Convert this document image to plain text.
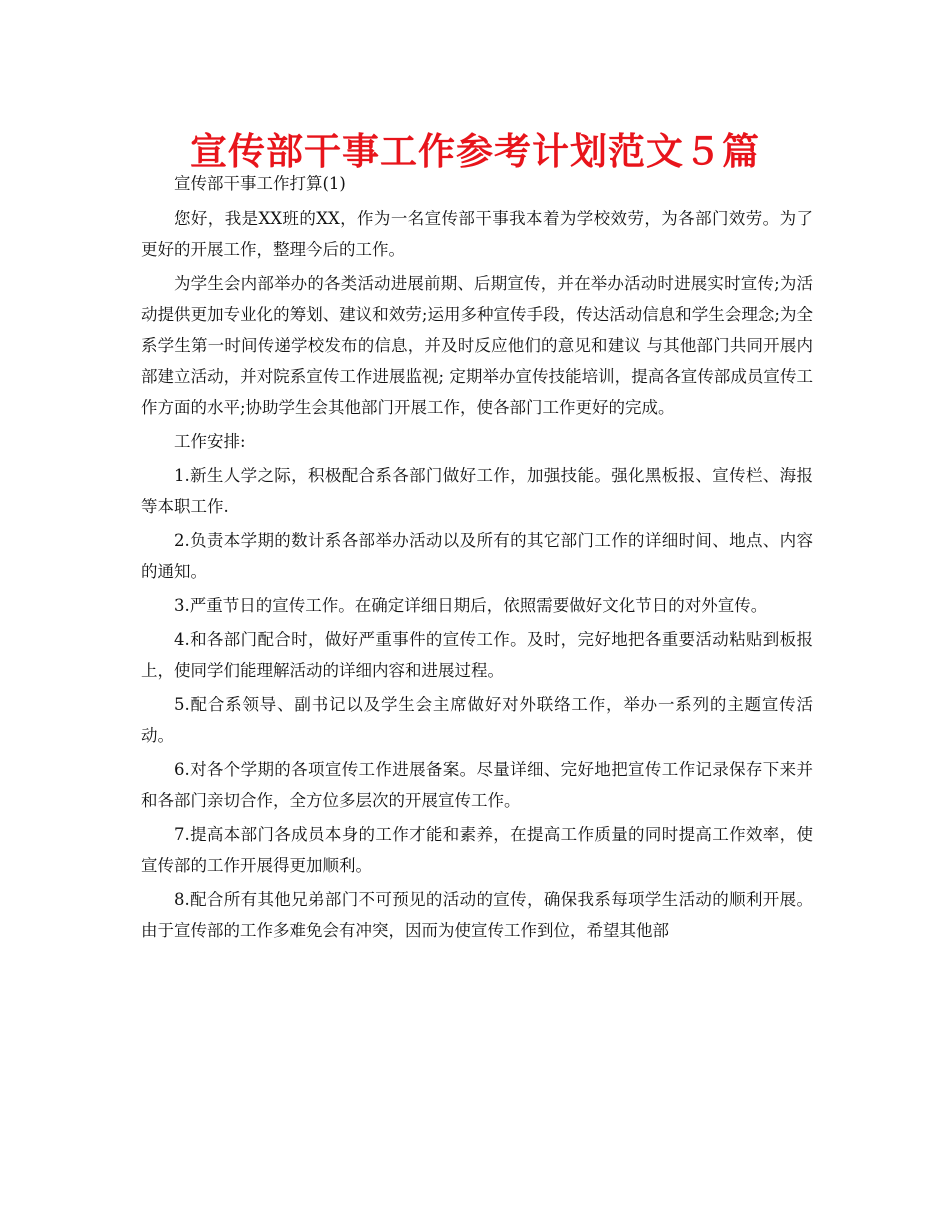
宣传部干事工作参考计划范文５篇

宣传部干事工作打算(1)

您好，我是XX班的XX，作为一名宣传部干事我本着为学校效劳，为各部门效劳。为了更好的开展工作，整理今后的工作。

为学生会内部举办的各类活动进展前期、后期宣传，并在举办活动时进展实时宣传;为活动提供更加专业化的筹划、建议和效劳;运用多种宣传手段，传达活动信息和学生会理念;为全系学生第一时间传递学校发布的信息，并及时反应他们的意见和建议 与其他部门共同开展内部建立活动，并对院系宣传工作进展监视; 定期举办宣传技能培训，提高各宣传部成员宣传工作方面的水平;协助学生会其他部门开展工作，使各部门工作更好的完成。

工作安排:

1.新生人学之际，积极配合系各部门做好工作，加强技能。强化黑板报、宣传栏、海报等本职工作.

2.负责本学期的数计系各部举办活动以及所有的其它部门工作的详细时间、地点、内容的通知。

3.严重节日的宣传工作。在确定详细日期后，依照需要做好文化节日的对外宣传。

4.和各部门配合时，做好严重事件的宣传工作。及时，完好地把各重要活动粘贴到板报上，使同学们能理解活动的详细内容和进展过程。

5.配合系领导、副书记以及学生会主席做好对外联络工作，举办一系列的主题宣传活动。

6.对各个学期的各项宣传工作进展备案。尽量详细、完好地把宣传工作记录保存下来并和各部门亲切合作，全方位多层次的开展宣传工作。

7.提高本部门各成员本身的工作才能和素养，在提高工作质量的同时提高工作效率，使宣传部的工作开展得更加顺利。

8.配合所有其他兄弟部门不可预见的活动的宣传，确保我系每项学生活动的顺利开展。由于宣传部的工作多难免会有冲突，因而为使宣传工作到位，希望其他部
